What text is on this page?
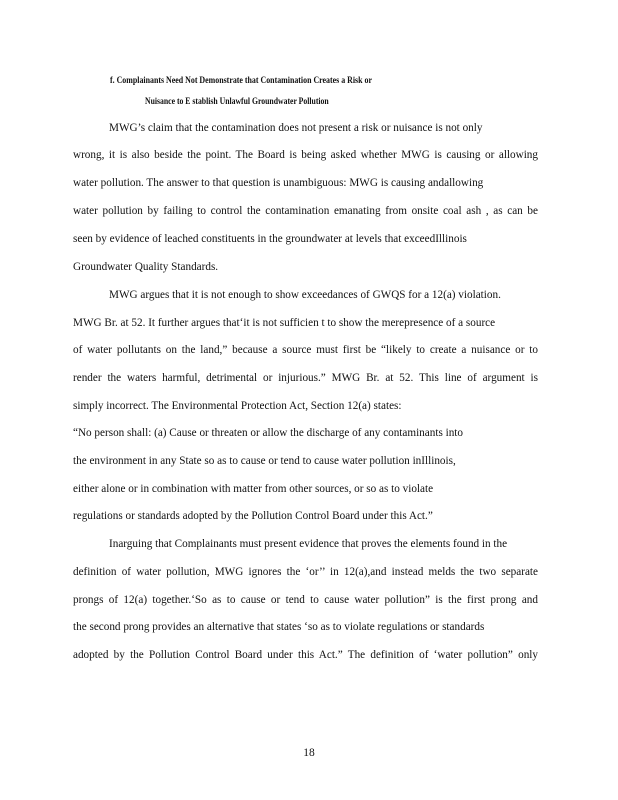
f. Complainants Need Not Demonstrate that Contamination Creates a Risk or
Nuisance to E stablish Unlawful Groundwater Pollution
MWG’s claim that the contamination does not present a risk or nuisance is not only
wrong, it is also beside the point. The Board is being asked whether MWG is causing or allowing
water pollution. The answer to that question is unambiguous: MWG is causing andallowing
water pollution by failing to control the contamination emanating from onsite coal ash , as can be
seen by evidence of leached constituents in the groundwater at levels that exceedIllinois
Groundwater Quality Standards.
MWG argues that it is not enough to show exceedances of GWQS for a 12(a) violation.
MWG Br. at 52. It further argues that‘it is not sufficien t to show the merepresence of a source
of water pollutants on the land,” because a source must first be “likely to create a nuisance or to
render the waters harmful, detrimental or injurious.” MWG Br. at 52. This line of argument is
simply incorrect. The Environmental Protection Act, Section 12(a) states:
“No person shall: (a) Cause or threaten or allow the discharge of any contaminants into
the environment in any State so as to cause or tend to cause water pollution inIllinois,
either alone or in combination with matter from other sources, or so as to violate
regulations or standards adopted by the Pollution Control Board under this Act.”
Inarguing that Complainants must present evidence that proves the elements found in the
definition of water pollution, MWG ignores the ‘or’’ in 12(a),and instead melds the two separate
prongs of 12(a) together.‘So as to cause or tend to cause water pollution” is the first prong and
the second prong provides an alternative that states ‘so as to violate regulations or standards
adopted by the Pollution Control Board under this Act.” The definition of ‘water pollution” only
18
